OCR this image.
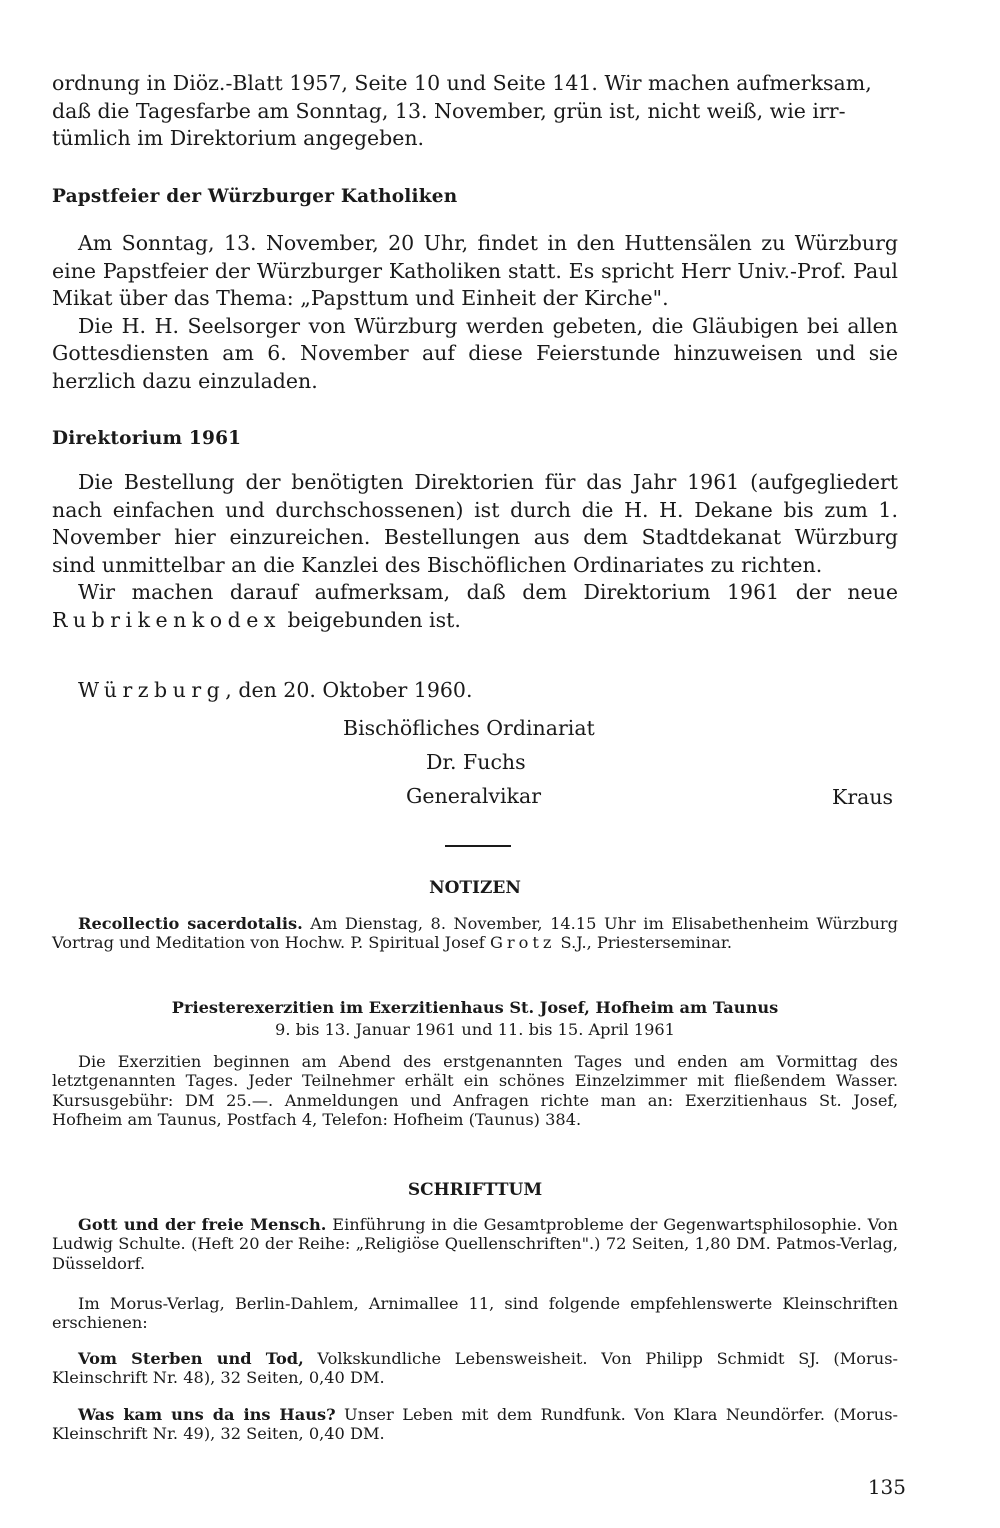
ordnung in Diöz.-Blatt 1957, Seite 10 und Seite 141. Wir machen aufmerksam,
daß die Tagesfarbe am Sonntag, 13. November, grün ist, nicht weiß, wie irr-
tümlich im Direktorium angegeben.
Papstfeier der Würzburger Katholiken

Am Sonntag, 13. November, 20 Uhr, findet in den Huttensälen zu Würzburg eine Papstfeier der Würzburger Katholiken statt. Es spricht Herr Univ.-Prof. Paul Mikat über das Thema: „Papsttum und Einheit der Kirche".

Die H. H. Seelsorger von Würzburg werden gebeten, die Gläubigen bei allen Gottesdiensten am 6. November auf diese Feierstunde hinzuweisen und sie herzlich dazu einzuladen.

Direktorium 1961

Die Bestellung der benötigten Direktorien für das Jahr 1961 (aufgegliedert nach einfachen und durchschossenen) ist durch die H. H. Dekane bis zum 1. November hier einzureichen. Bestellungen aus dem Stadtdekanat Würzburg sind unmittelbar an die Kanzlei des Bischöflichen Ordinariates zu richten.

Wir machen darauf aufmerksam, daß dem Direktorium 1961 der neue Rubrikenkodex beigebunden ist.

Würzburg, den 20. Oktober 1960.

Bischöfliches Ordinariat
Dr. Fuchs
Generalvikar	Kraus
NOTIZEN

Recollectio sacerdotalis. Am Dienstag, 8. November, 14.15 Uhr im Elisabethenheim Würzburg Vortrag und Meditation von Hochw. P. Spiritual Josef Grotz S.J., Priesterseminar.

Priesterexerzitien im Exerzitienhaus St. Josef, Hofheim am Taunus
9. bis 13. Januar 1961 und 11. bis 15. April 1961

Die Exerzitien beginnen am Abend des erstgenannten Tages und enden am Vormittag des letztgenannten Tages. Jeder Teilnehmer erhält ein schönes Einzelzimmer mit fließendem Wasser. Kursusgebühr: DM 25.—. Anmeldungen und Anfragen richte man an: Exerzitienhaus St. Josef, Hofheim am Taunus, Postfach 4, Telefon: Hofheim (Taunus) 384.

SCHRIFTTUM

Gott und der freie Mensch. Einführung in die Gesamtprobleme der Gegenwartsphilosophie. Von Ludwig Schulte. (Heft 20 der Reihe: „Religiöse Quellenschriften".) 72 Seiten, 1,80 DM. Patmos-Verlag, Düsseldorf.

Im Morus-Verlag, Berlin-Dahlem, Arnimallee 11, sind folgende empfehlenswerte Kleinschriften erschienen:

Vom Sterben und Tod, Volkskundliche Lebensweisheit. Von Philipp Schmidt SJ. (Morus-Kleinschrift Nr. 48), 32 Seiten, 0,40 DM.

Was kam uns da ins Haus? Unser Leben mit dem Rundfunk. Von Klara Neundörfer. (Morus-Kleinschrift Nr. 49), 32 Seiten, 0,40 DM.

135
